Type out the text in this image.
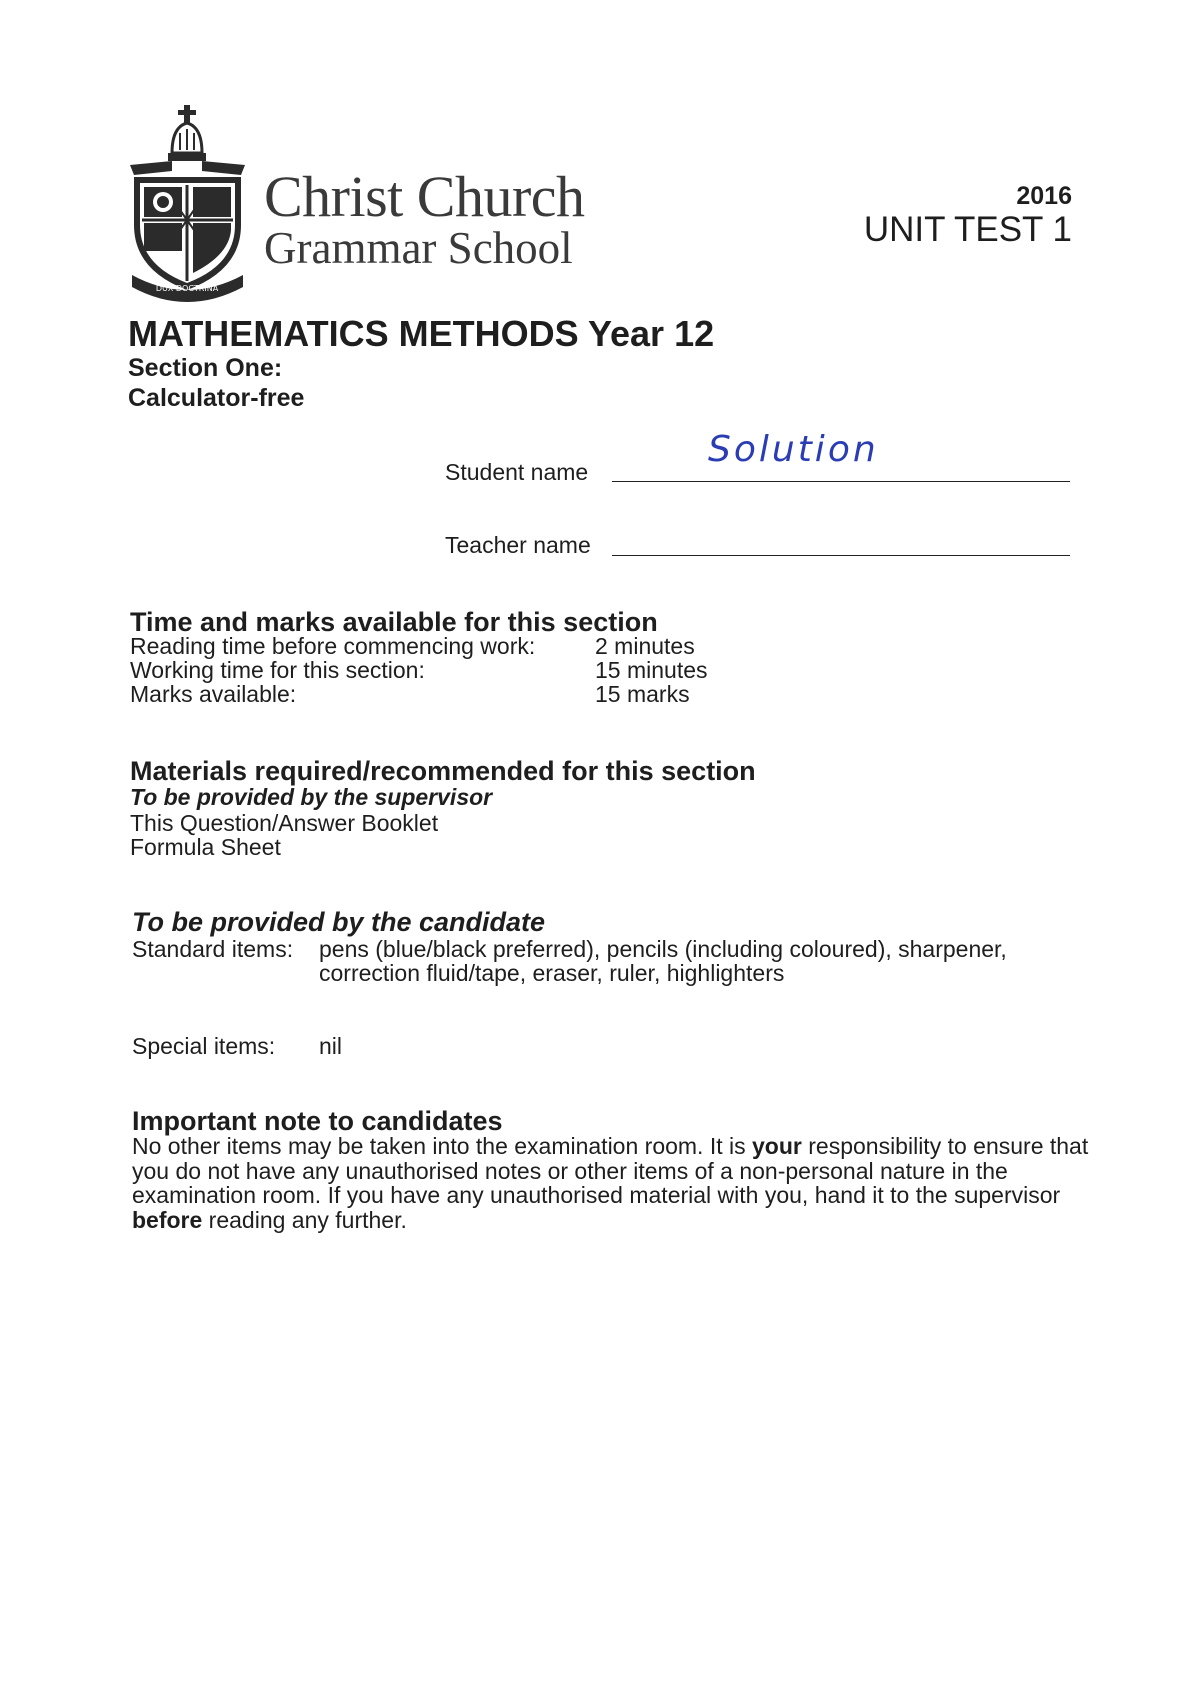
DUX DOCTRINA
Christ Church
Grammar School
2016
UNIT TEST 1
MATHEMATICS METHODS Year 12
Section One:
Calculator-free
Student name
Solution
Teacher name
Time and marks available for this section
Reading time before commencing work:	2 minutes
Working time for this section:	15 minutes
Marks available:	15 marks
Materials required/recommended for this section
To be provided by the supervisor
This Question/Answer Booklet
Formula Sheet
To be provided by the candidate
Standard items: pens (blue/black preferred), pencils (including coloured), sharpener, correction fluid/tape, eraser, ruler, highlighters
Special items: nil
Important note to candidates
No other items may be taken into the examination room. It is your responsibility to ensure that you do not have any unauthorised notes or other items of a non-personal nature in the examination room. If you have any unauthorised material with you, hand it to the supervisor before reading any further.
